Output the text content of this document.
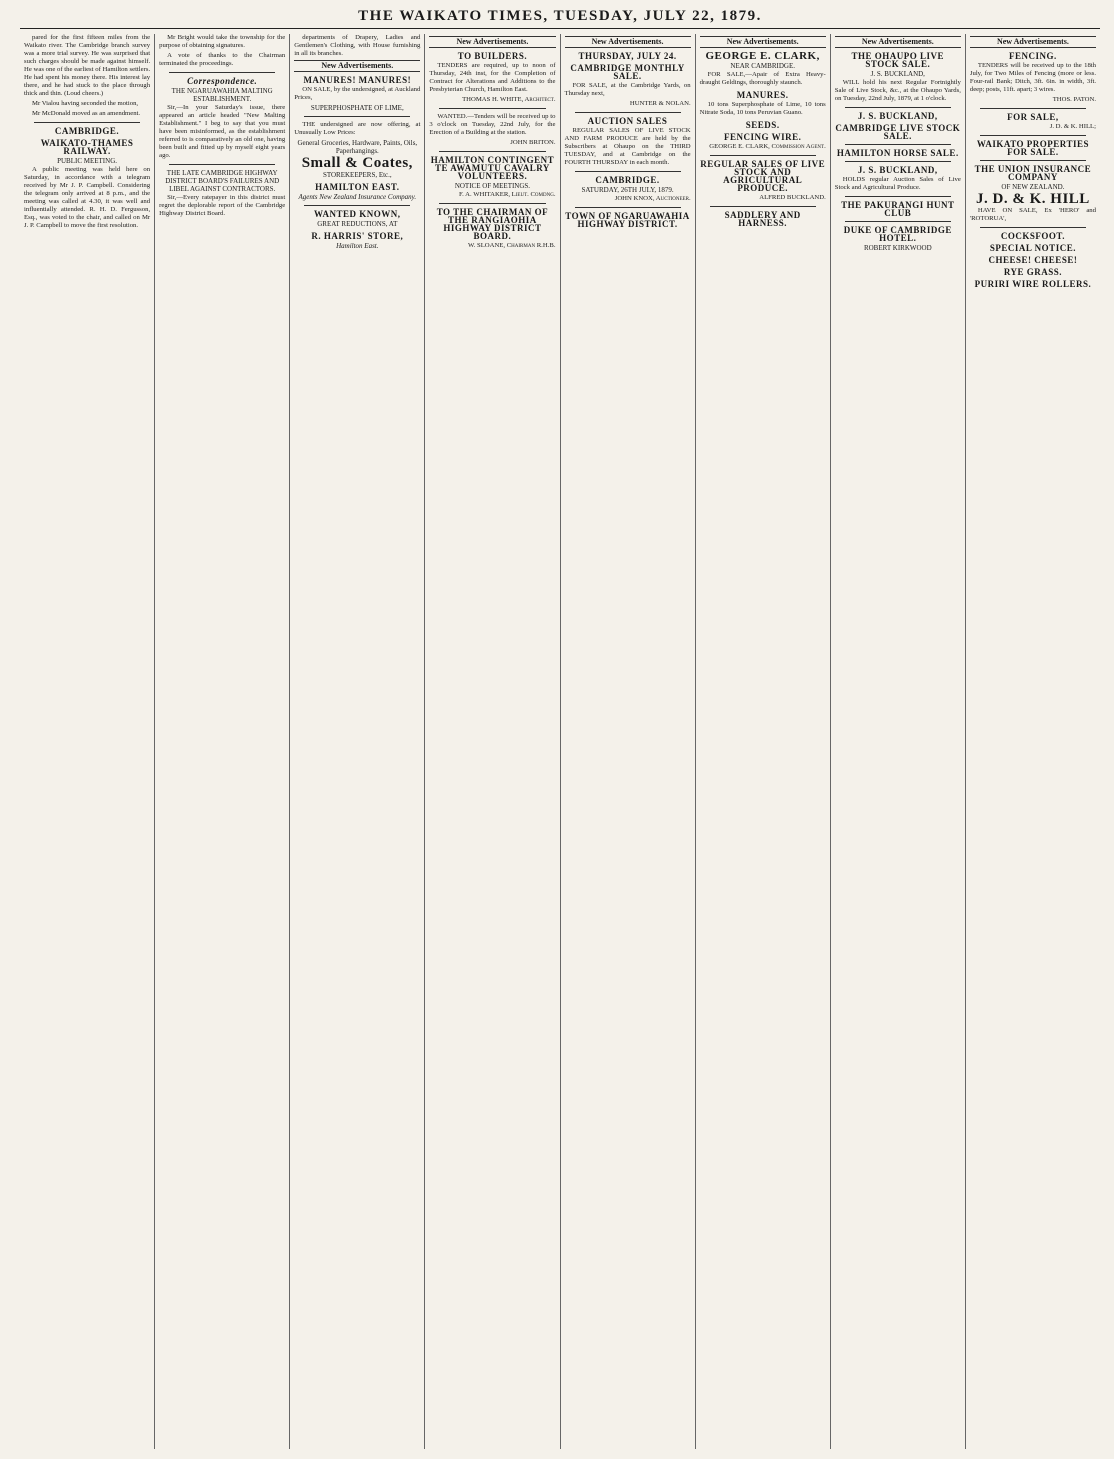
THE WAIKATO TIMES, TUESDAY, JULY 22, 1879.

pared for the first fifteen miles from the Waikato river. The Cambridge branch survey was a more trial survey. He was surprised that such charges should be made against himself. He was one of the earliest of Hamilton settlers. He had spent his money there. His interest lay there, and he had stuck to the place through thick and thin. (Loud cheers.)

Mr Vialou having seconded the motion,

Mr McDonald moved as an amendment.

CAMBRIDGE.
WAIKATO-THAMES RAILWAY.
PUBLIC MEETING.

A public meeting was held here on Saturday, in accordance with a telegram received by Mr J. P. Campbell. Considering the telegram only arrived at 8 p.m., and the meeting was called at 4.30, it was well and influentially attended. R. H. D. Fergusson, Esq., was voted to the chair, and called on Mr J. P. Campbell to move the first resolution.

Mr Bright would take the township for the purpose of obtaining signatures.

A vote of thanks to the Chairman terminated the proceedings.

Correspondence.
THE NGARUAWAHIA MALTING ESTABLISHMENT.

Sir,—In your Saturday's issue, there appeared an article headed "New Malting Establishment." I beg to say that you must have been misinformed, as the establishment referred to is comparatively an old one, having been built and fitted up by myself eight years ago.

THE LATE CAMBRIDGE HIGHWAY DISTRICT BOARD'S FAILURES AND LIBEL AGAINST CONTRACTORS.

Sir,—Every ratepayer in this district must regret the deplorable report of the Cambridge Highway District Board.

departments of Drapery, Ladies and Gentlemen's Clothing, with House furnishing in all its branches.

New Advertisements.
MANURES! MANURES!

ON SALE, by the undersigned, at Auckland Prices,

SUPERPHOSPHATE OF LIME,

THE undersigned are now offering, at Unusually Low Prices:

General Groceries, Hardware, Paints, Oils, Paperhangings.
Small & Coates,
STOREKEEPERS, Etc.,
HAMILTON EAST.
Agents New Zealand Insurance Company.
WANTED KNOWN,
GREAT REDUCTIONS, AT
R. HARRIS' STORE,
Hamilton East.
New Advertisements.
TO BUILDERS.

TENDERS are required, up to noon of Thursday, 24th inst, for the Completion of Contract for Alterations and Additions to the Presbyterian Church, Hamilton East.

THOMAS H. WHITE, Architect.

WANTED.—Tenders will be received up to 3 o'clock on Tuesday, 22nd July, for the Erection of a Building at the station.

JOHN BRITON.
HAMILTON CONTINGENT TE AWAMUTU CAVALRY VOLUNTEERS.
NOTICE OF MEETINGS.
F. A. WHITAKER, Lieut. Comdng.
TO THE CHAIRMAN OF THE RANGIAOHIA HIGHWAY DISTRICT BOARD.
W. SLOANE, Chairman R.H.B.
New Advertisements.
THURSDAY, JULY 24.
CAMBRIDGE MONTHLY SALE.

FOR SALE, at the Cambridge Yards, on Thursday next,

HUNTER & NOLAN.
AUCTION SALES

REGULAR SALES OF LIVE STOCK AND FARM PRODUCE are held by the Subscribers at Ohaupo on the THIRD TUESDAY, and at Cambridge on the FOURTH THURSDAY in each month.

CAMBRIDGE.
SATURDAY, 26TH JULY, 1879.
JOHN KNOX, Auctioneer.
TOWN OF NGARUAWAHIA HIGHWAY DISTRICT.
New Advertisements.
GEORGE E. CLARK,
NEAR CAMBRIDGE.

FOR SALE,—Apair of Extra Heavy-draught Geldings, thoroughly staunch.

MANURES.

10 tons Superphosphate of Lime, 10 tons Nitrate Soda, 10 tons Peruvian Guano.

SEEDS.
FENCING WIRE.
GEORGE E. CLARK, Commission Agent.
REGULAR SALES OF LIVE STOCK AND AGRICULTURAL PRODUCE.
ALFRED BUCKLAND.
SADDLERY AND HARNESS.
New Advertisements.
THE OHAUPO LIVE STOCK SALE.
J. S. BUCKLAND,

WILL hold his next Regular Fortnightly Sale of Live Stock, &c., at the Ohaupo Yards, on Tuesday, 22nd July, 1879, at 1 o'clock.

J. S. BUCKLAND,
CAMBRIDGE LIVE STOCK SALE.
HAMILTON HORSE SALE.
J. S. BUCKLAND,

HOLDS regular Auction Sales of Live Stock and Agricultural Produce.

THE PAKURANGI HUNT CLUB
DUKE OF CAMBRIDGE HOTEL.
ROBERT KIRKWOOD
New Advertisements.
FENCING.

TENDERS will be received up to the 18th July, for Two Miles of Fencing (more or less. Four-rail Bank; Ditch, 3ft. 6in. in width, 3ft. deep; posts, 11ft. apart; 3 wires.

THOS. PATON.
FOR SALE,
J. D. & K. HILL;
WAIKATO PROPERTIES FOR SALE.
THE UNION INSURANCE COMPANY
OF NEW ZEALAND.
J. D. & K. HILL

HAVE ON SALE, Ex 'HERO' and 'ROTORUA',

COCKSFOOT.
SPECIAL NOTICE.
CHEESE! CHEESE!
RYE GRASS.
PURIRI WIRE ROLLERS.
